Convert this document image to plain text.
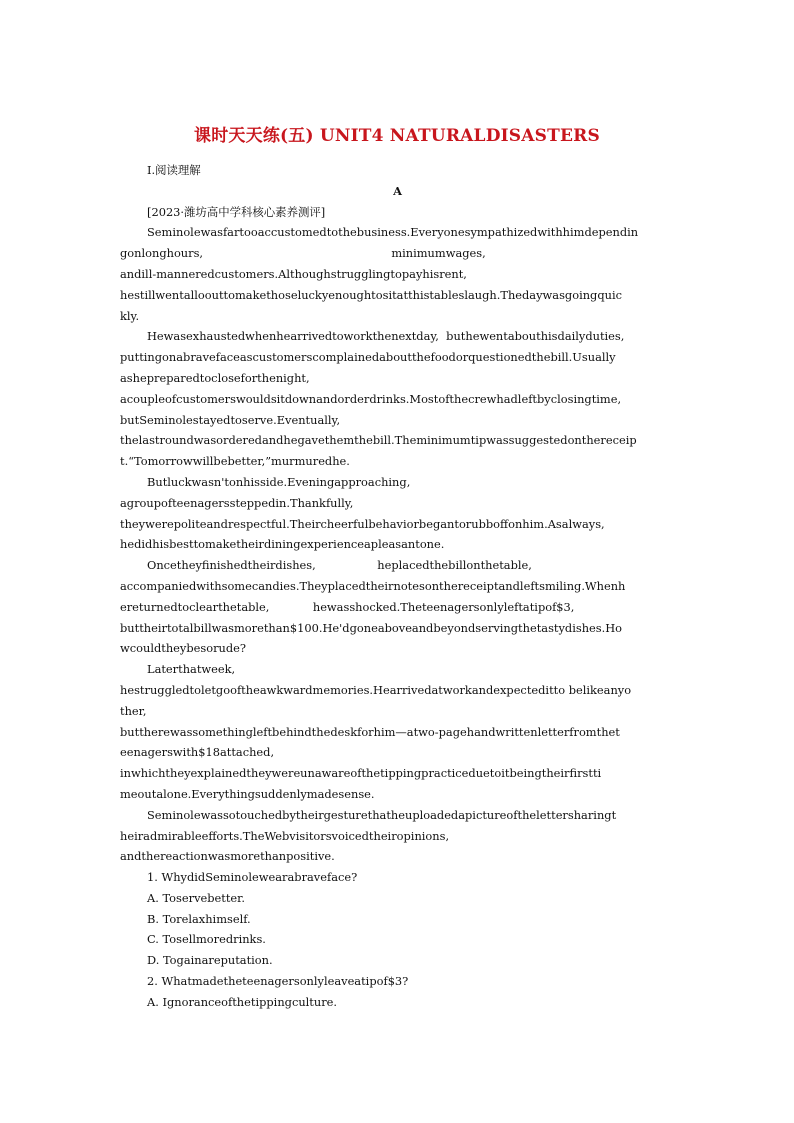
课时天天练(五) UNIT4 NATURALDISASTERS
Ⅰ.阅读理解
A
[2023·潍坊高中学科核心素养测评]
Seminolewasfartooaccustomedtothebusiness.Everyonesympathizedwithhimdependin
gonlonghours,                                                    minimumwages,
andill-manneredcustomers.Althoughstrugglingtopayhisrent,
hestillwentalloouttomakethoseluckyenoughtositatthistableslaugh.Thedaywasgoingquic
kly.
Hewasexhaustedwhenhearrivedtoworkthenextday,  buthewentabouthisdailyduties,
puttingonabravefaceascustomerscomplainedaboutthefoodorquestionedthebill.Usually
ashepreparedtocloseforthenight,
acoupleofcustomerswouldsitdownandorderdrinks.Mostofthecrewhadleftbyclosingtime,
butSeminolestayedtoserve.Eventually,
thelastroundwasorderedandhegavethemthebill.Theminimumtipwassuggestedonthereceip
t.“Tomorrowwillbebetter,”murmuredhe.
Butluckwasn'tonhisside.Eveningapproaching,
agroupofteenagerssteppedin.Thankfully,
theywerepoliteandrespectful.Theircheerfulbehaviorbegantorubboffonhim.Asalways,
hedidhisbesttomaketheirdiningexperienceapleasantone.
Oncetheyfinishedtheirdishes,                 heplacedthebillonthetable,
accompaniedwithsomecandies.Theyplacedtheirnotesonthereceiptandleftsmiling.Whenh
ereturnedtoclearthetable,            hewasshocked.Theteenagersonlyleftatipof$3,
buttheirtotalbillwasmorethan$100.He'dgoneaboveandbeyondservingthetastydishes.Ho
wcouldtheybesorude?
Laterthatweek,
hestruggledtoletgooftheawkwardmemories.Hearrivedatworkandexpecteditto belikeanyo
ther,
buttherewassomethingleftbehindthedeskforhim—atwo-pagehandwrittenletterfromthet
eenagerswith$18attached,
inwhichtheyexplainedtheywereunawareofthetippingpracticeduetoitbeingtheirfirstti
meoutalone.Everythingsuddenlymadesense.
Seminolewassotouchedbytheirgesturethatheuploadedapictureofthelettersharingt
heiradmirableefforts.TheWebvisitorsvoicedtheiropinions,
andthereactionwasmorethanpositive.
1. WhydidSeminolewearabraveface?
A. Toservebetter.
B. Torelaxhimself.
C. Tosellmoredrinks.
D. Togainareputation.
2. Whatmadetheteenagersonlyleaveatipof$3?
A. Ignoranceofthetippingculture.
